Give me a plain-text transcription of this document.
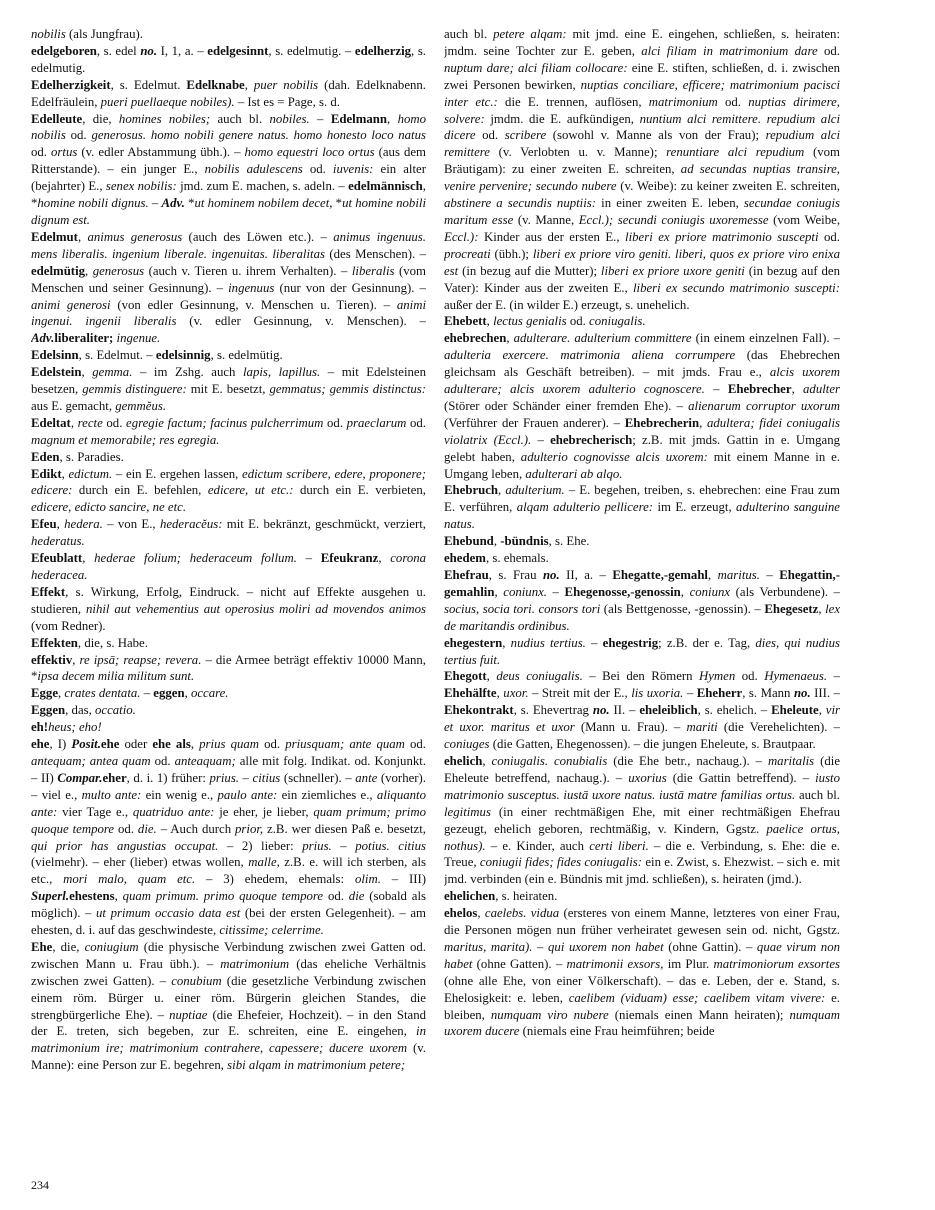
nobilis (als Jungfrau).

edelgeboren, s. edel no. I, 1, a. – edelgesinnt, s. edelmutig. – edelherzig, s. edelmutig.

Edelherzigkeit, s. Edelmut. Edelknabe, puer nobilis (dah. Edelknabenn. Edelfräulein, pueri puellaeque nobiles). – Ist es = Page, s. d.

Edelleute, die, homines nobiles; auch bl. nobiles. – Edelmann, homo nobilis od. generosus. homo nobili genere natus. homo honesto loco natus od. ortus (v. edler Abstammung übh.). – homo equestri loco ortus (aus dem Ritterstande). – ein junger E., nobilis adulescens od. iuvenis: ein alter (bejahrter) E., senex nobilis: jmd. zum E. machen, s. adeln. – edelmännisch, *homine nobili dignus. – Adv. *ut hominem nobilem decet, *ut homine nobili dignum est.

Edelmut, animus generosus (auch des Löwen etc.). – animus ingenuus. mens liberalis. ingenium liberale. ingenuitas. liberalitas (des Menschen). – edelmütig, generosus (auch v. Tieren u. ihrem Verhalten). – liberalis (vom Menschen und seiner Gesinnung). – ingenuus (nur von der Gesinnung). – animi generosi (von edler Gesinnung, v. Menschen u. Tieren). – animi ingenui. ingenii liberalis (v. edler Gesinnung, v. Menschen). – Adv.liberaliter; ingenue.

Edelsinn, s. Edelmut. – edelsinnig, s. edelmütig.

Edelstein, gemma. – im Zshg. auch lapis, lapillus. – mit Edelsteinen besetzen, gemmis distinguere: mit E. besetzt, gemmatus; gemmis distinctus: aus E. gemacht, gemmĕus.

Edeltat, recte od. egregie factum; facinus pulcherrimum od. praeclarum od. magnum et memorabile; res egregia.

Eden, s. Paradies.

Edikt, edictum. – ein E. ergehen lassen, edictum scribere, edere, proponere; edicere: durch ein E. befehlen, edicere, ut etc.: durch ein E. verbieten, edicere, edicto sancire, ne etc.

Efeu, hedera. – von E., hederacĕus: mit E. bekränzt, geschmückt, verziert, hederatus.

Efeublatt, hederae folium; hederaceum follum. – Efeukranz, corona hederacea.

Effekt, s. Wirkung, Erfolg, Eindruck. – nicht auf Effekte ausgehen u. studieren, nihil aut vehementius aut operosius moliri ad movendos animos (vom Redner).

Effekten, die, s. Habe.

effektiv, re ipsā; reapse; revera. – die Armee beträgt effektiv 10000 Mann, *ipsa decem milia militum sunt.

Egge, crates dentata. – eggen, occare.

Eggen, das, occatio.

eh!heus; eho!

ehe, I) Posit.ehe oder ehe als, prius quam od. priusquam; ante quam od. antequam; antea quam od. anteaquam; alle mit folg. Indikat. od. Konjunkt. – II) Compar.eher, d. i. 1) früher: prius. – citius (schneller). – ante (vorher). – viel e., multo ante: ein wenig e., paulo ante: ein ziemliches e., aliquanto ante: vier Tage e., quatriduo ante: je eher, je lieber, quam primum; primo quoque tempore od. die. – Auch durch prior, z.B. wer diesen Paß e. besetzt, qui prior has angustias occupat. – 2) lieber: prius. – potius. citius (vielmehr). – eher (lieber) etwas wollen, malle, z.B. e. will ich sterben, als etc., mori malo, quam etc. – 3) ehedem, ehemals: olim. – III) Superl.ehestens, quam primum. primo quoque tempore od. die (sobald als möglich). – ut primum occasio data est (bei der ersten Gelegenheit). – am ehesten, d. i. auf das geschwindeste, citissime; celerrime.

Ehe, die, coniugium (die physische Verbindung zwischen zwei Gatten od. zwischen Mann u. Frau übh.). – matrimonium (das eheliche Verhältnis zwischen zwei Gatten). – conubium (die gesetzliche Verbindung zwischen einem röm. Bürger u. einer röm. Bürgerin gleichen Standes, die strengbürgerliche Ehe). – nuptiae (die Ehefeier, Hochzeit). – in den Stand der E. treten, sich begeben, zur E. schreiten, eine E. eingehen, in matrimonium ire; matrimonium contrahere, capessere; ducere uxorem (v. Manne): eine Person zur E. begehren, sibi alqam in matrimonium petere;

auch bl. petere alqam: mit jmd. eine E. eingehen, schließen, s. heiraten: jmdm. seine Tochter zur E. geben, alci filiam in matrimonium dare od. nuptum dare; alci filiam collocare: eine E. stiften, schließen, d. i. zwischen zwei Personen bewirken, nuptias conciliare, efficere; matrimonium pacisci inter etc.: die E. trennen, auflösen, matrimonium od. nuptias dirimere, solvere: jmdm. die E. aufkündigen, nuntium alci remittere. repudium alci dicere od. scribere (sowohl v. Manne als von der Frau); repudium alci remittere (v. Verlobten u. v. Manne); renuntiare alci repudium (vom Bräutigam): zu einer zweiten E. schreiten, ad secundas nuptias transire, venire pervenire; secundo nubere (v. Weibe): zu keiner zweiten E. schreiten, abstinere a secundis nuptiis: in einer zweiten E. leben, secundae coniugis maritum esse (v. Manne, Eccl.); secundi coniugis uxoremesse (vom Weibe, Eccl.): Kinder aus der ersten E., liberi ex priore matrimonio suscepti od. procreati (übh.); liberi ex priore viro geniti. liberi, quos ex priore viro enixa est (in bezug auf die Mutter); liberi ex priore uxore geniti (in bezug auf den Vater): Kinder aus der zweiten E., liberi ex secundo matrimonio suscepti: außer der E. (in wilder E.) erzeugt, s. unehelich.

Ehebett, lectus genialis od. coniugalis.

ehebrechen, adulterare. adulterium committere (in einem einzelnen Fall). – adulteria exercere. matrimonia aliena corrumpere (das Ehebrechen gleichsam als Geschäft betreiben). – mit jmds. Frau e., alcis uxorem adulterare; alcis uxorem adulterio cognoscere. – Ehebrecher, adulter (Störer oder Schänder einer fremden Ehe). – alienarum corruptor uxorum (Verführer der Frauen anderer). – Ehebrecherin, adultera; fidei coniugalis violatrix (Eccl.). – ehebrecherisch; z.B. mit jmds. Gattin in e. Umgang gelebt haben, adulterio cognovisse alcis uxorem: mit einem Manne in e. Umgang leben, adulterari ab alqo.

Ehebruch, adulterium. – E. begehen, treiben, s. ehebrechen: eine Frau zum E. verführen, alqam adulterio pellicere: im E. erzeugt, adulterino sanguine natus.

Ehebund, -bündnis, s. Ehe.

ehedem, s. ehemals.

Ehefrau, s. Frau no. II, a. – Ehegatte,-gemahl, maritus. – Ehegattin,-gemahlin, coniunx. – Ehegenosse,-genossin, coniunx (als Verbundene). – socius, socia tori. consors tori (als Bettgenosse, -genossin). – Ehegesetz, lex de maritandis ordinibus.

ehegestern, nudius tertius. – ehegestrig; z.B. der e. Tag, dies, qui nudius tertius fuit.

Ehegott, deus coniugalis. – Bei den Römern Hymen od. Hymenaeus. – Ehehälfte, uxor. – Streit mit der E., lis uxoria. – Eheherr, s. Mann no. III. – Ehekontrakt, s. Ehevertrag no. II. – eheleiblich, s. ehelich. – Eheleute, vir et uxor. maritus et uxor (Mann u. Frau). – mariti (die Verehelichten). – coniuges (die Gatten, Ehegenossen). – die jungen Eheleute, s. Brautpaar.

ehelich, coniugalis. conubialis (die Ehe betr., nachaug.). – maritalis (die Eheleute betreffend, nachaug.). – uxorius (die Gattin betreffend). – iusto matrimonio susceptus. iustā uxore natus. iustā matre familias ortus. auch bl. legitimus (in einer rechtmäßigen Ehe, mit einer rechtmäßigen Ehefrau gezeugt, ehelich geboren, rechtmäßig, v. Kindern, Ggstz. paelice ortus, nothus). – e. Kinder, auch certi liberi. – die e. Verbindung, s. Ehe: die e. Treue, coniugii fides; fides coniugalis: ein e. Zwist, s. Ehezwist. – sich e. mit jmd. verbinden (ein e. Bündnis mit jmd. schließen), s. heiraten (jmd.).

ehelichen, s. heiraten.

ehelos, caelebs. vidua (ersteres von einem Manne, letzteres von einer Frau, die Personen mögen nun früher verheiratet gewesen sein od. nicht, Ggstz. maritus, marita). – qui uxorem non habet (ohne Gattin). – quae virum non habet (ohne Gatten). – matrimonii exsors, im Plur. matrimoniorum exsortes (ohne alle Ehe, von einer Völkerschaft). – das e. Leben, der e. Stand, s. Ehelosigkeit: e. leben, caelibem (viduam) esse; caelibem vitam vivere: e. bleiben, numquam viro nubere (niemals einen Mann heiraten); numquam uxorem ducere (niemals eine Frau heimführen; beide

234
